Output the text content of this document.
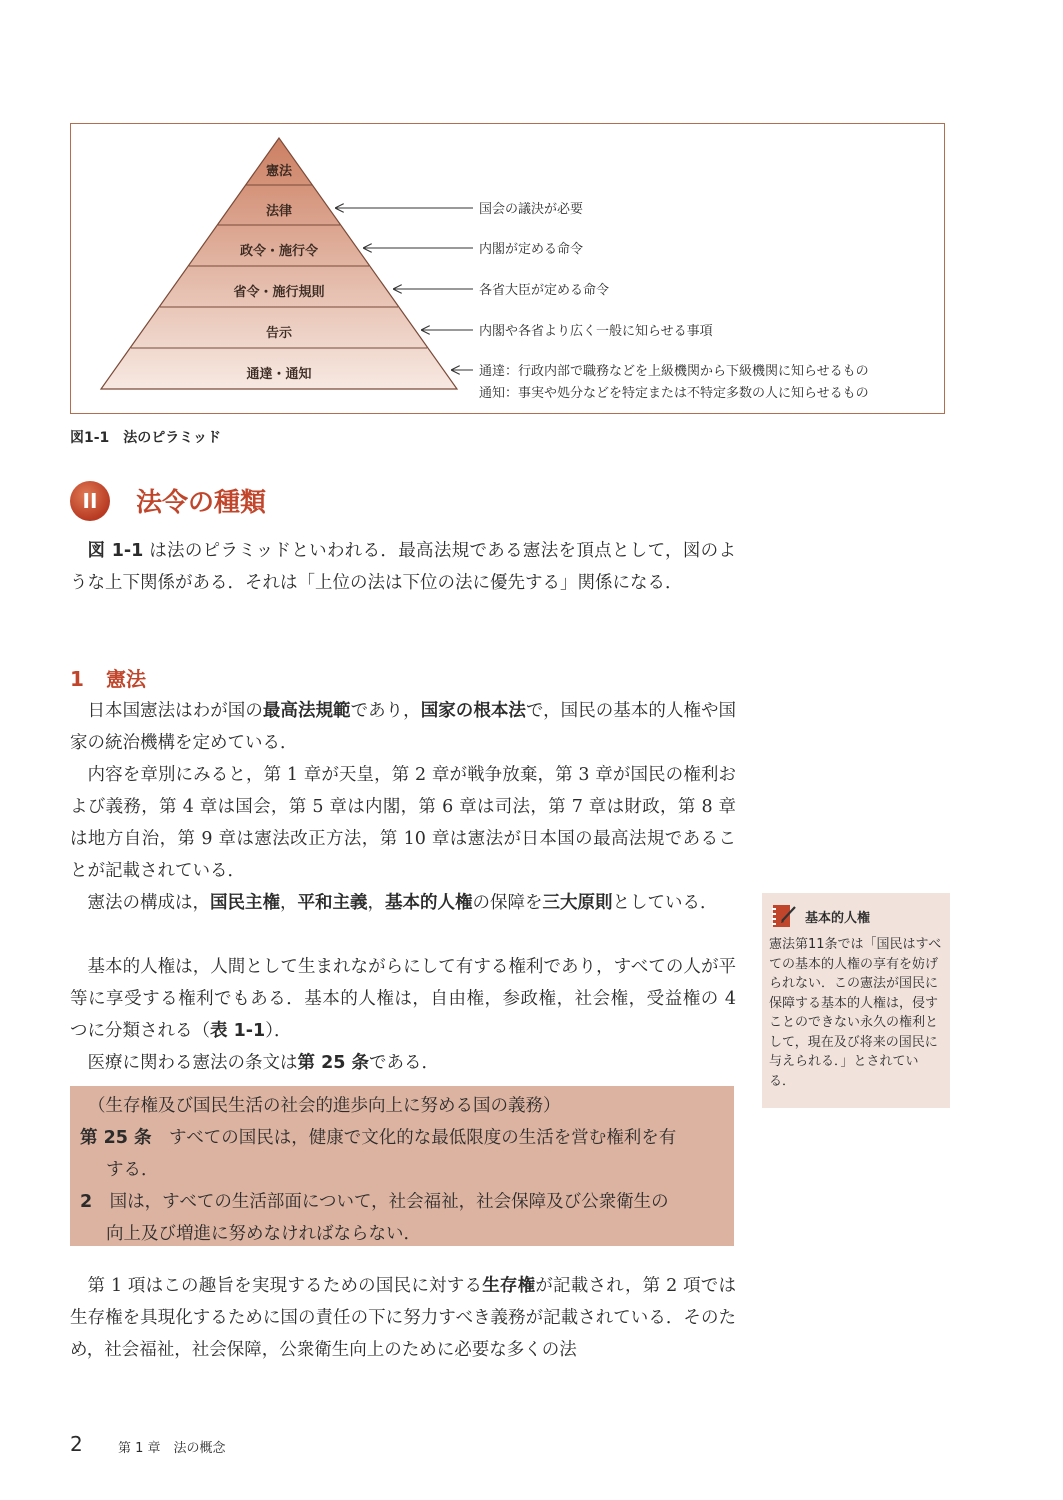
憲法
法律
政令・施行令
省令・施行規則
告示
通達・通知
国会の議決が必要
内閣が定める命令
各省大臣が定める命令
内閣や各省より広く一般に知らせる事項
通達：行政内部で職務などを上級機関から下級機関に知らせるもの
通知：事実や処分などを特定または不特定多数の人に知らせるもの
図1-1　法のピラミッド
II	法令の種類

図 1-1 は法のピラミッドといわれる．最高法規である憲法を頂点として，図のような上下関係がある．それは「上位の法は下位の法に優先する」関係になる．

1 憲法

日本国憲法はわが国の最高法規範であり，国家の根本法で，国民の基本的人権や国家の統治機構を定めている．

内容を章別にみると，第 1 章が天皇，第 2 章が戦争放棄，第 3 章が国民の権利および義務，第 4 章は国会，第 5 章は内閣，第 6 章は司法，第 7 章は財政，第 8 章は地方自治，第 9 章は憲法改正方法，第 10 章は憲法が日本国の最高法規であることが記載されている．

憲法の構成は，国民主権，平和主義，基本的人権の保障を三大原則としている．

基本的人権は，人間として生まれながらにして有する権利であり，すべての人が平等に享受する権利でもある．基本的人権は，自由権，参政権，社会権，受益権の 4 つに分類される（表 1-1）．

医療に関わる憲法の条文は第 25 条である．

（生存権及び国民生活の社会的進歩向上に努める国の義務）
第 25 条　すべての国民は，健康で文化的な最低限度の生活を営む権利を有
する．
2　国は，すべての生活部面について，社会福祉，社会保障及び公衆衛生の
向上及び増進に努めなければならない．

第 1 項はこの趣旨を実現するための国民に対する生存権が記載され，第 2 項では生存権を具現化するために国の責任の下に努力すべき義務が記載されている．そのため，社会福祉，社会保障，公衆衛生向上のために必要な多くの法

基本的人権
憲法第11条では「国民はすべての基本的人権の享有を妨げられない．この憲法が国民に保障する基本的人権は，侵すことのできない永久の権利として，現在及び将来の国民に与えられる．」とされている．
2	第 1 章　法の概念
